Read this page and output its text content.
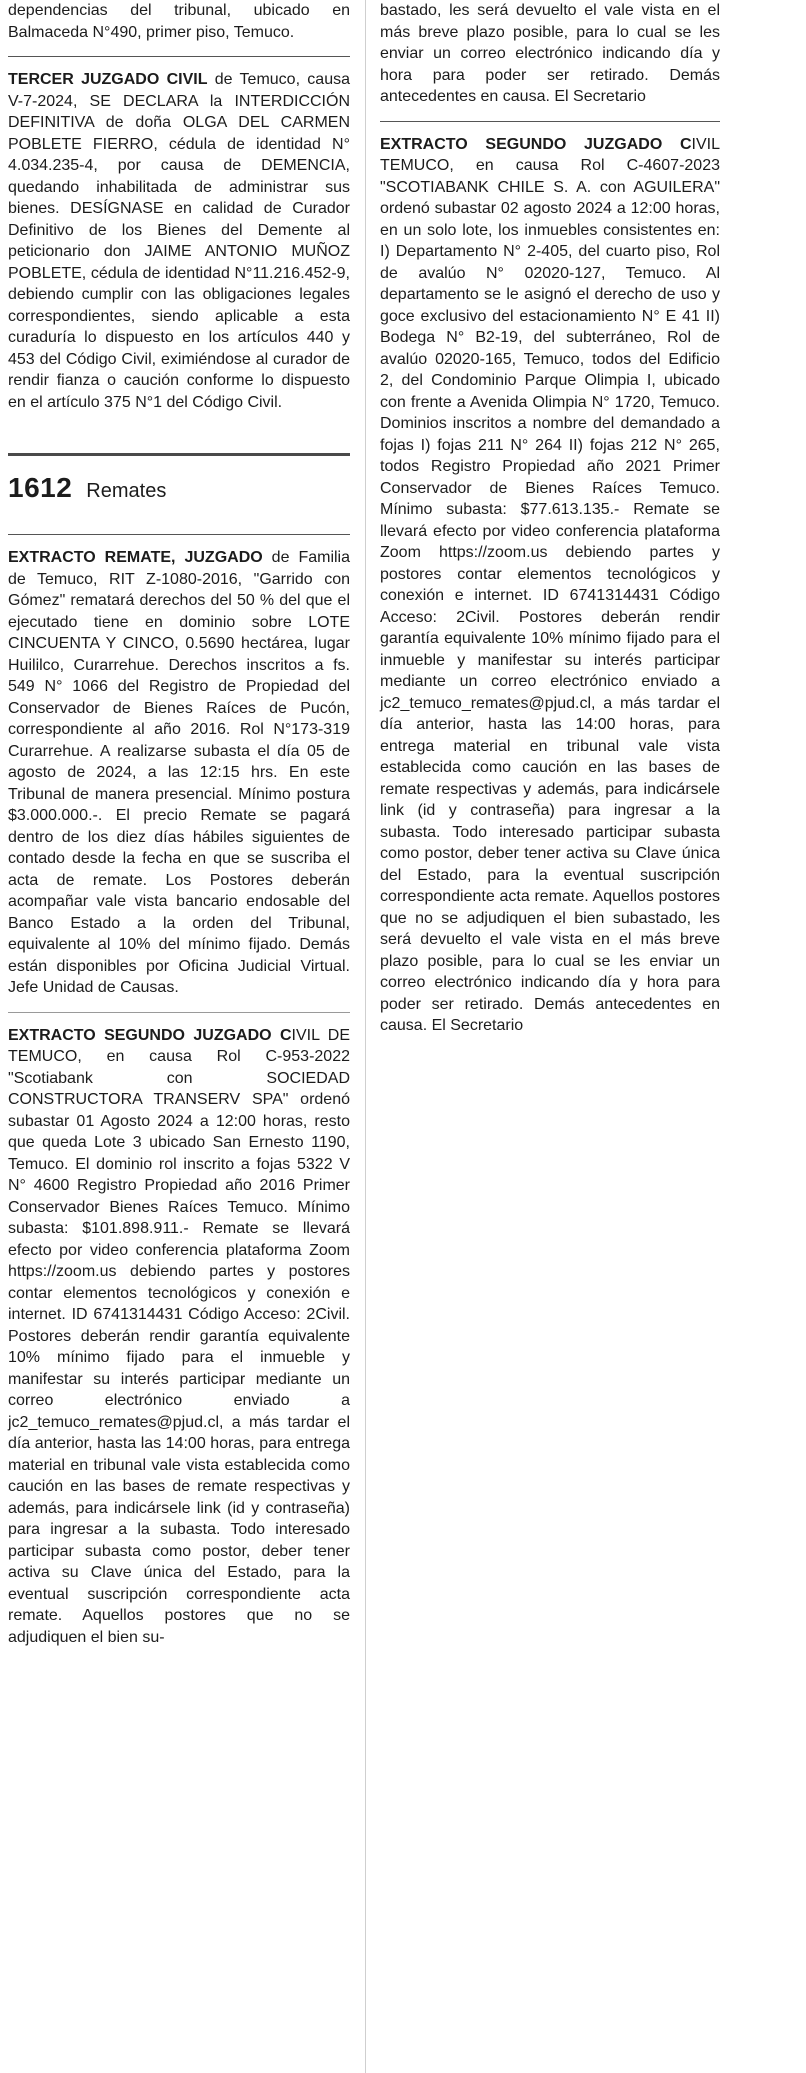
dependencias del tribunal, ubicado en Balmaceda N°490, primer piso, Temuco.

TERCER JUZGADO CIVIL de Temuco, causa V-7-2024, SE DECLARA la INTERDICCIÓN DEFINITIVA de doña OLGA DEL CARMEN POBLETE FIERRO, cédula de identidad N° 4.034.235-4, por causa de DEMENCIA, quedando inhabilitada de administrar sus bienes. DESÍGNASE en calidad de Curador Definitivo de los Bienes del Demente al peticionario don JAIME ANTONIO MUÑOZ POBLETE, cédula de identidad N°11.216.452-9, debiendo cumplir con las obligaciones legales correspondientes, siendo aplicable a esta curaduría lo dispuesto en los artículos 440 y 453 del Código Civil, eximiéndose al curador de rendir fianza o caución conforme lo dispuesto en el artículo 375 N°1 del Código Civil.

1612 Remates

EXTRACTO REMATE, JUZGADO de Familia de Temuco, RIT Z-1080-2016, "Garrido con Gómez" rematará derechos del 50 % del que el ejecutado tiene en dominio sobre LOTE CINCUENTA Y CINCO, 0.5690 hectárea, lugar Huililco, Curarrehue. Derechos inscritos a fs. 549 N° 1066 del Registro de Propiedad del Conservador de Bienes Raíces de Pucón, correspondiente al año 2016. Rol N°173-319 Curarrehue. A realizarse subasta el día 05 de agosto de 2024, a las 12:15 hrs. En este Tribunal de manera presencial. Mínimo postura $3.000.000.-. El precio Remate se pagará dentro de los diez días hábiles siguientes de contado desde la fecha en que se suscriba el acta de remate. Los Postores deberán acompañar vale vista bancario endosable del Banco Estado a la orden del Tribunal, equivalente al 10% del mínimo fijado. Demás están disponibles por Oficina Judicial Virtual. Jefe Unidad de Causas.

EXTRACTO SEGUNDO JUZGADO CIVIL DE TEMUCO, en causa Rol C-953-2022 "Scotiabank con SOCIEDAD CONSTRUCTORA TRANSERV SPA" ordenó subastar 01 Agosto 2024 a 12:00 horas, resto que queda Lote 3 ubicado San Ernesto 1190, Temuco. El dominio rol inscrito a fojas 5322 V N° 4600 Registro Propiedad año 2016 Primer Conservador Bienes Raíces Temuco. Mínimo subasta: $101.898.911.- Remate se llevará efecto por video conferencia plataforma Zoom https://zoom.us debiendo partes y postores contar elementos tecnológicos y conexión e internet. ID 6741314431 Código Acceso: 2Civil. Postores deberán rendir garantía equivalente 10% mínimo fijado para el inmueble y manifestar su interés participar mediante un correo electrónico enviado a jc2_temuco_remates@pjud.cl, a más tardar el día anterior, hasta las 14:00 horas, para entrega material en tribunal vale vista establecida como caución en las bases de remate respectivas y además, para indicársele link (id y contraseña) para ingresar a la subasta. Todo interesado participar subasta como postor, deber tener activa su Clave única del Estado, para la eventual suscripción correspondiente acta remate. Aquellos postores que no se adjudiquen el bien su-

bastado, les será devuelto el vale vista en el más breve plazo posible, para lo cual se les enviar un correo electrónico indicando día y hora para poder ser retirado. Demás antecedentes en causa. El Secretario

EXTRACTO SEGUNDO JUZGADO CIVIL TEMUCO, en causa Rol C-4607-2023 "SCOTIABANK CHILE S. A. con AGUILERA" ordenó subastar 02 agosto 2024 a 12:00 horas, en un solo lote, los inmuebles consistentes en: I) Departamento N° 2-405, del cuarto piso, Rol de avalúo N° 02020-127, Temuco. Al departamento se le asignó el derecho de uso y goce exclusivo del estacionamiento N° E 41 II) Bodega N° B2-19, del subterráneo, Rol de avalúo 02020-165, Temuco, todos del Edificio 2, del Condominio Parque Olimpia I, ubicado con frente a Avenida Olimpia N° 1720, Temuco. Dominios inscritos a nombre del demandado a fojas I) fojas 211 N° 264 II) fojas 212 N° 265, todos Registro Propiedad año 2021 Primer Conservador de Bienes Raíces Temuco. Mínimo subasta: $77.613.135.- Remate se llevará efecto por video conferencia plataforma Zoom https://zoom.us debiendo partes y postores contar elementos tecnológicos y conexión e internet. ID 6741314431 Código Acceso: 2Civil. Postores deberán rendir garantía equivalente 10% mínimo fijado para el inmueble y manifestar su interés participar mediante un correo electrónico enviado a jc2_temuco_remates@pjud.cl, a más tardar el día anterior, hasta las 14:00 horas, para entrega material en tribunal vale vista establecida como caución en las bases de remate respectivas y además, para indicársele link (id y contraseña) para ingresar a la subasta. Todo interesado participar subasta como postor, deber tener activa su Clave única del Estado, para la eventual suscripción correspondiente acta remate. Aquellos postores que no se adjudiquen el bien subastado, les será devuelto el vale vista en el más breve plazo posible, para lo cual se les enviar un correo electrónico indicando día y hora para poder ser retirado. Demás antecedentes en causa. El Secretario
